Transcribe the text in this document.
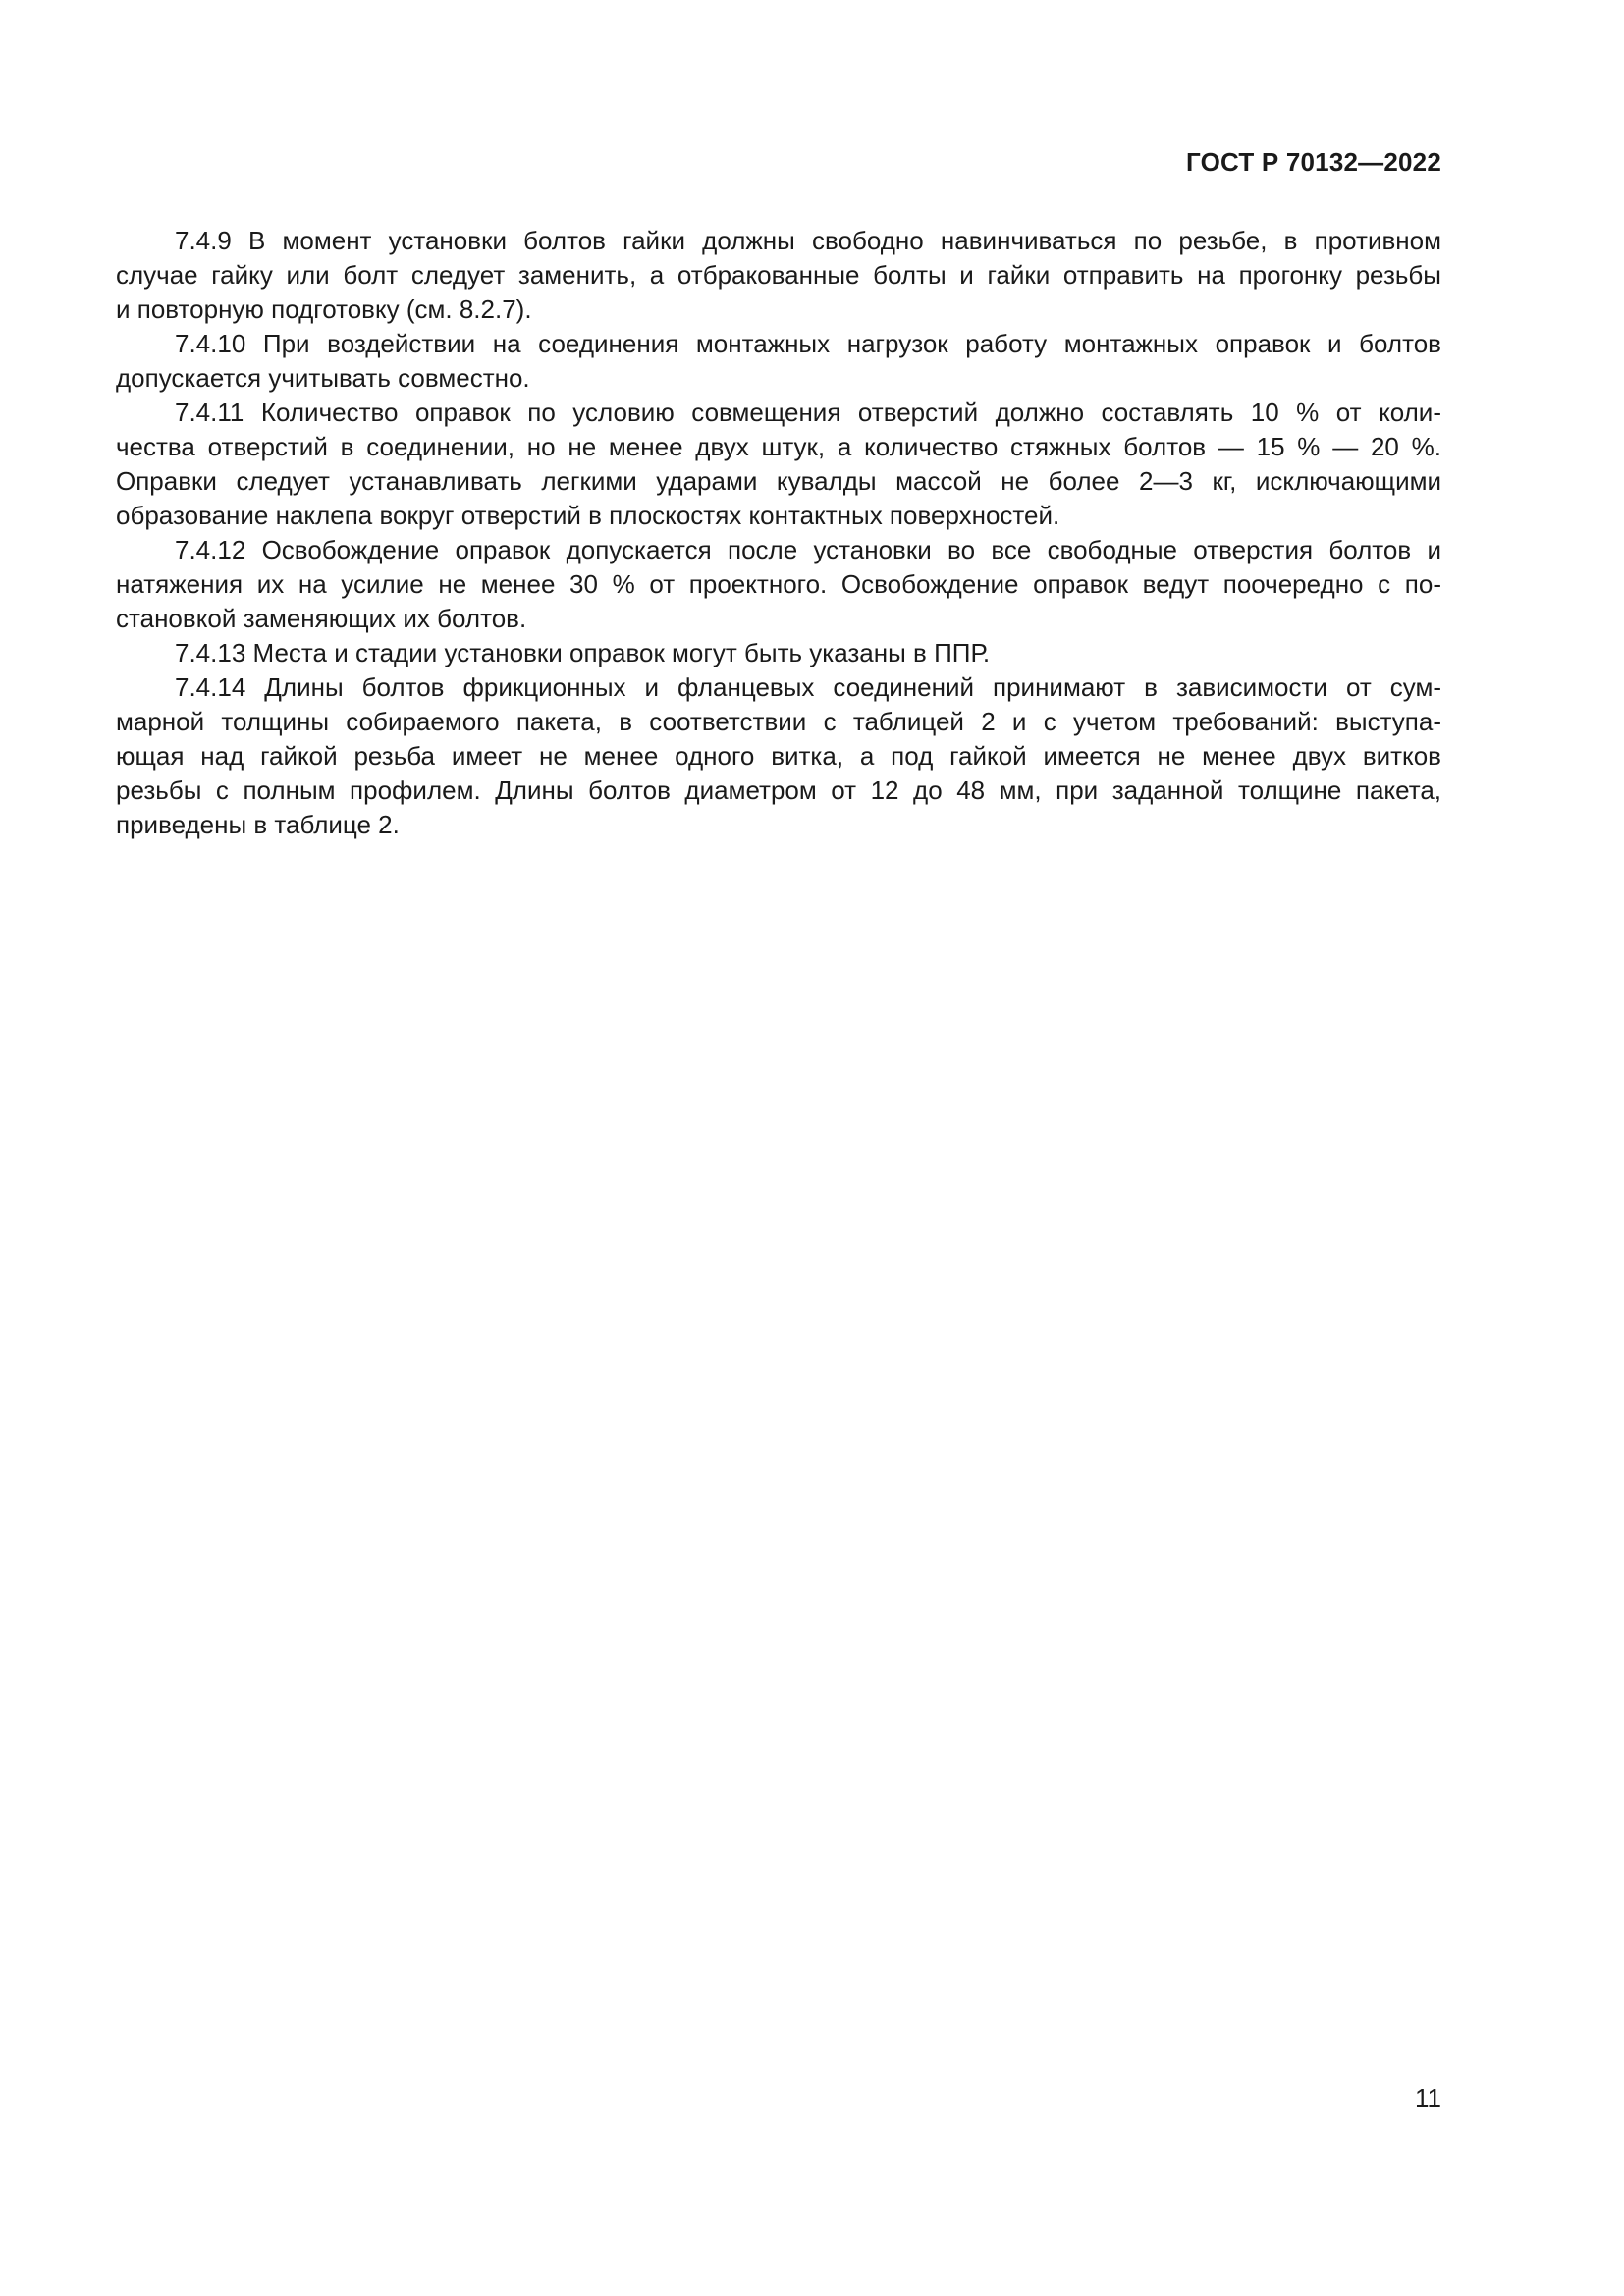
ГОСТ Р 70132—2022
7.4.9 В момент установки болтов гайки должны свободно навинчиваться по резьбе, в противном
случае гайку или болт следует заменить, а отбракованные болты и гайки отправить на прогонку резьбы
и повторную подготовку (см. 8.2.7).
7.4.10 При воздействии на соединения монтажных нагрузок работу монтажных оправок и болтов
допускается учитывать совместно.
7.4.11 Количество оправок по условию совмещения отверстий должно составлять 10 % от коли-
чества отверстий в соединении, но не менее двух штук, а количество стяжных болтов — 15 % — 20 %.
Оправки следует устанавливать легкими ударами кувалды массой не более 2—3 кг, исключающими
образование наклепа вокруг отверстий в плоскостях контактных поверхностей.
7.4.12 Освобождение оправок допускается после установки во все свободные отверстия болтов и
натяжения их на усилие не менее 30 % от проектного. Освобождение оправок ведут поочередно с по-
становкой заменяющих их болтов.
7.4.13 Места и стадии установки оправок могут быть указаны в ППР.
7.4.14 Длины болтов фрикционных и фланцевых соединений принимают в зависимости от сум-
марной толщины собираемого пакета, в соответствии с таблицей 2 и с учетом требований: выступа-
ющая над гайкой резьба имеет не менее одного витка, а под гайкой имеется не менее двух витков
резьбы с полным профилем. Длины болтов диаметром от 12 до 48 мм, при заданной толщине пакета,
приведены в таблице 2.
11
